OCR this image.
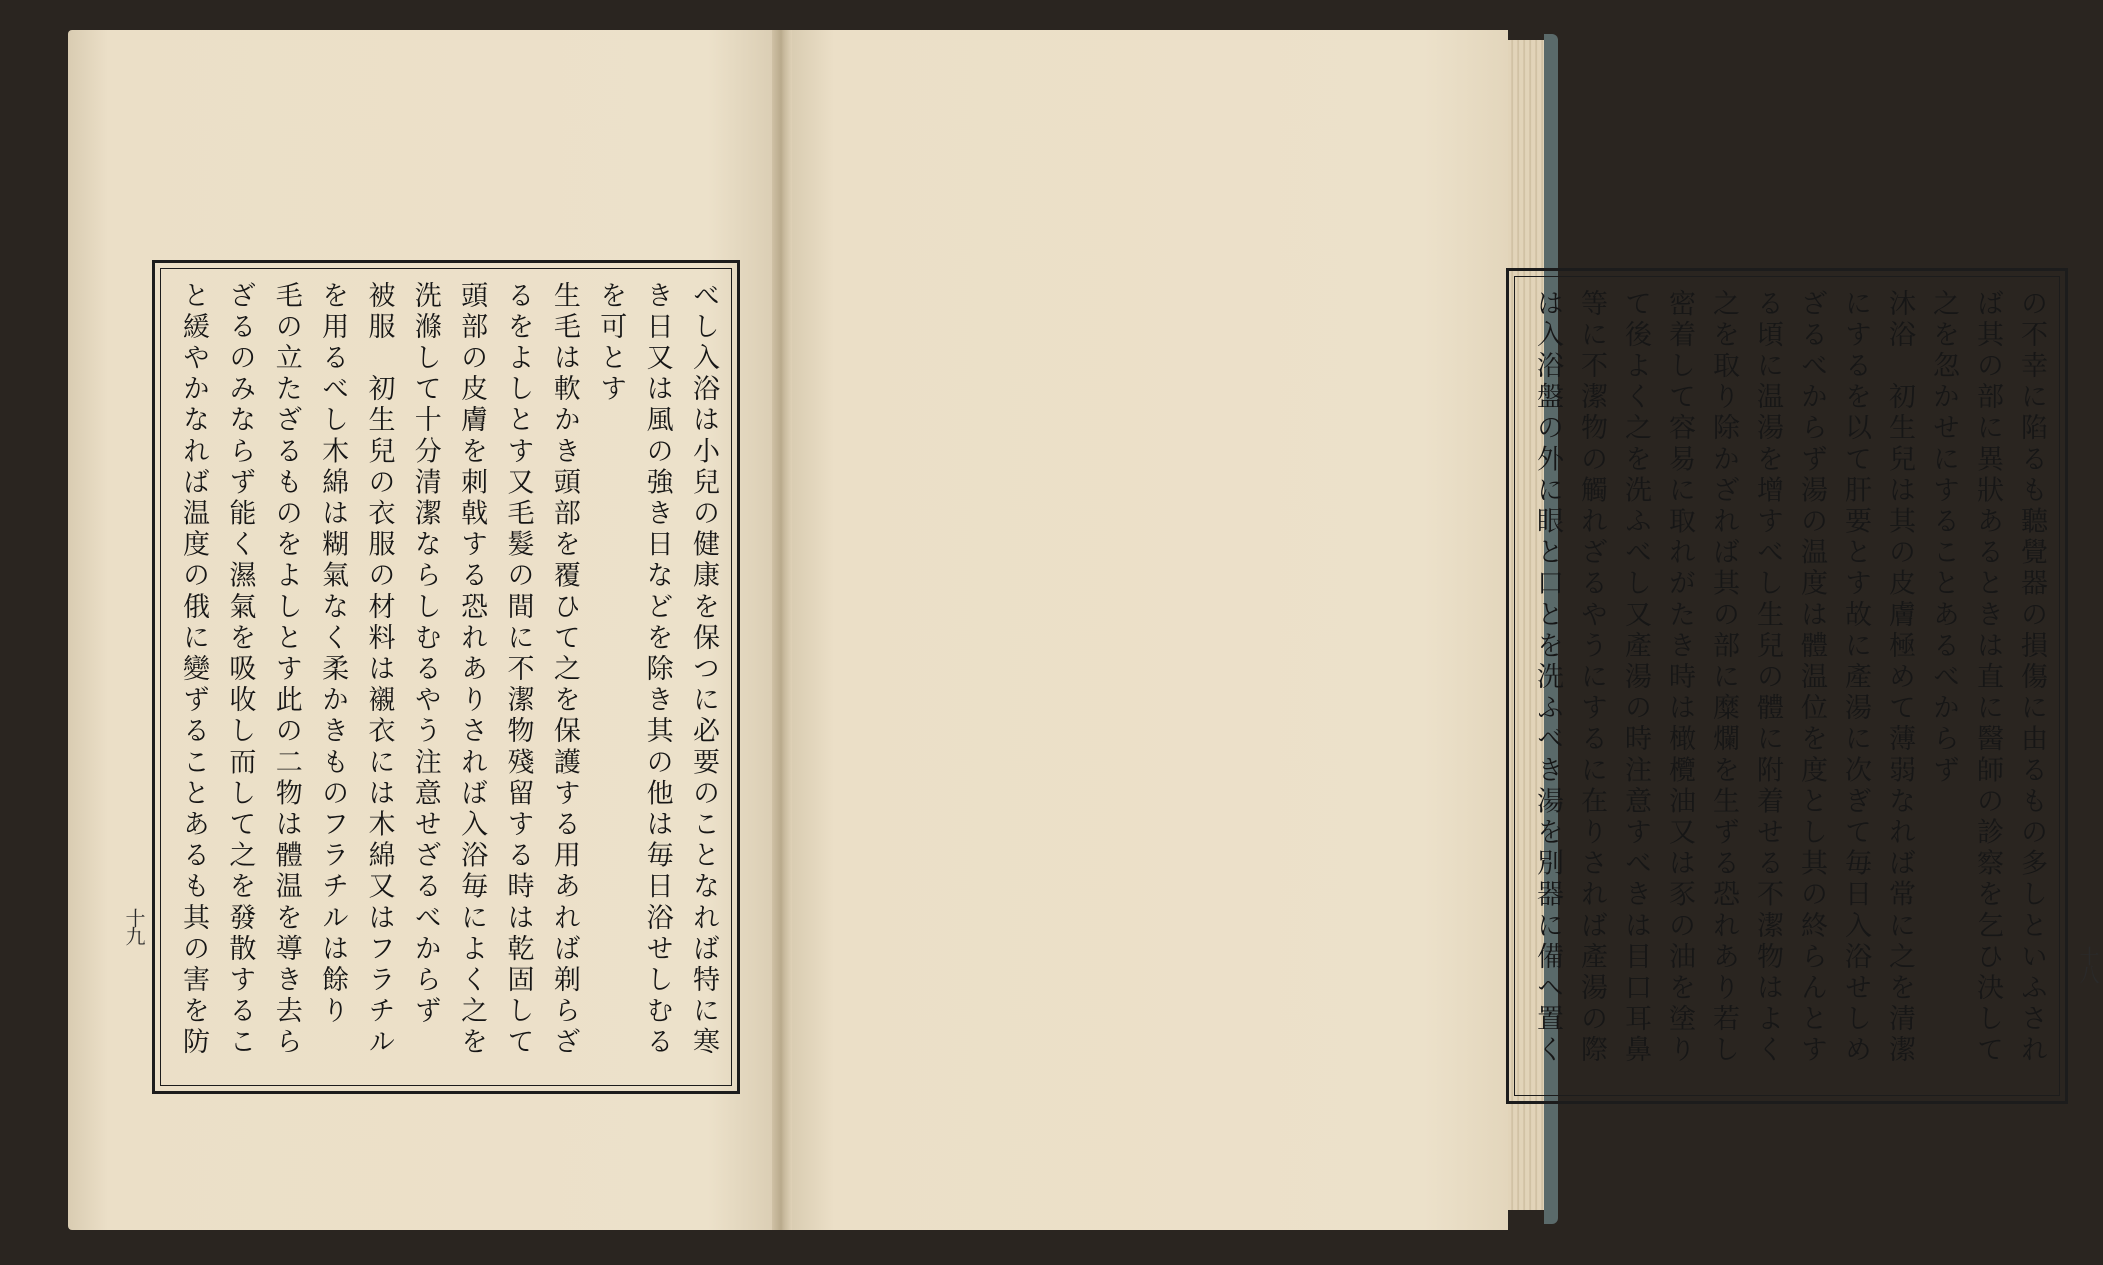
べし入浴は小兒の健康を保つに必要のことなれば特に寒
き日又は風の強き日などを除き其の他は毎日浴せしむる
を可とす
生毛は軟かき頭部を覆ひて之を保護する用あれば剃らざ
るをよしとす又毛髮の間に不潔物殘留する時は乾固して
頭部の皮膚を刺戟する恐れありされば入浴毎によく之を
洗滌して十分清潔ならしむるやう注意せざるべからず
被服　初生兒の衣服の材料は襯衣には木綿又はフラチル
を用るべし木綿は糊氣なく柔かきものフラチルは餘り
毛の立たざるものをよしとす此の二物は體温を導き去ら
ざるのみならず能く濕氣を吸收し而して之を發散するこ
と緩やかなれば温度の俄に變ずることあるも其の害を防
十九	の不幸に陷るも聽覺器の損傷に由るもの多しといふされ
ば其の部に異狀あるときは直に醫師の診察を乞ひ決して
之を忽かせにすることあるべからず
沐浴　初生兒は其の皮膚極めて薄弱なれば常に之を清潔
にするを以て肝要とす故に產湯に次ぎて毎日入浴せしめ
ざるべからず湯の温度は體温位を度とし其の終らんとす
る頃に温湯を增すべし生兒の體に附着せる不潔物はよく
之を取り除かざれば其の部に糜爛を生ずる恐れあり若し
密着して容易に取れがたき時は橄欖油又は豕の油を塗り
て後よく之を洗ふべし又產湯の時注意すべきは目口耳鼻
等に不潔物の觸れざるやうにするに在りされば產湯の際
は入浴盤の外に眼と口とを洗ふべき湯を別器に備へ置く	十八
